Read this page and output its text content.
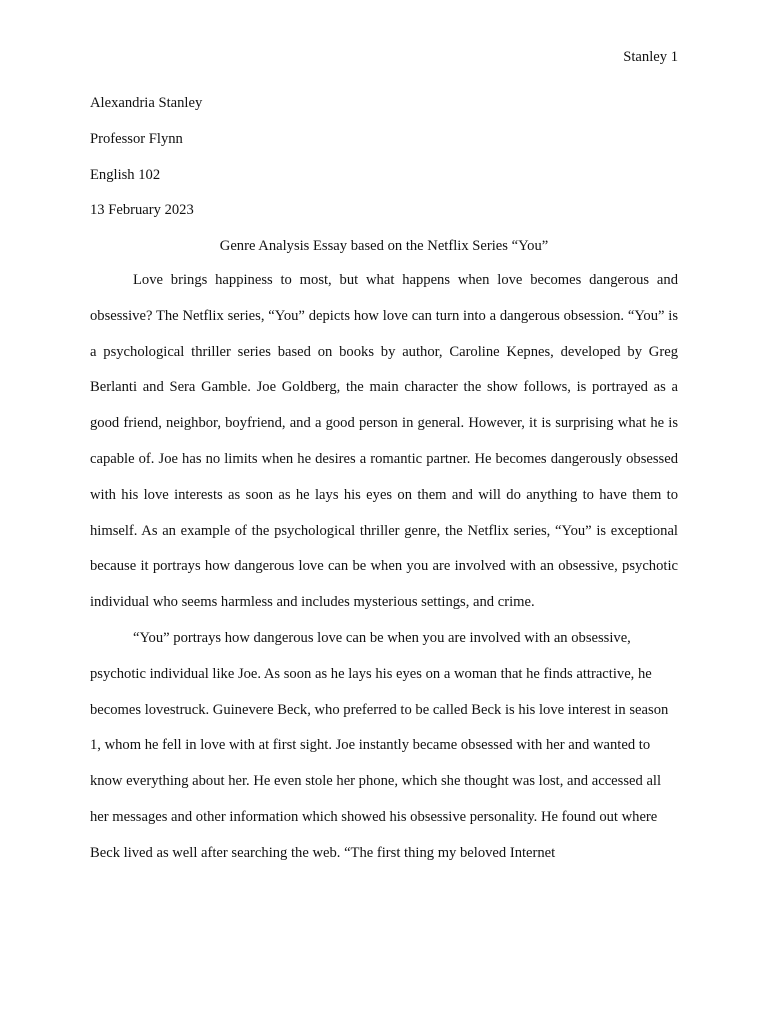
Stanley 1
Alexandria Stanley
Professor Flynn
English 102
13 February 2023
Genre Analysis Essay based on the Netflix Series “You”

Love brings happiness to most, but what happens when love becomes dangerous and obsessive? The Netflix series, “You” depicts how love can turn into a dangerous obsession. “You” is a psychological thriller series based on books by author, Caroline Kepnes, developed by Greg Berlanti and Sera Gamble. Joe Goldberg, the main character the show follows, is portrayed as a good friend, neighbor, boyfriend, and a good person in general. However, it is surprising what he is capable of. Joe has no limits when he desires a romantic partner. He becomes dangerously obsessed with his love interests as soon as he lays his eyes on them and will do anything to have them to himself. As an example of the psychological thriller genre, the Netflix series, “You” is exceptional because it portrays how dangerous love can be when you are involved with an obsessive, psychotic individual who seems harmless and includes mysterious settings, and crime.

“You” portrays how dangerous love can be when you are involved with an obsessive, psychotic individual like Joe. As soon as he lays his eyes on a woman that he finds attractive, he becomes lovestruck. Guinevere Beck, who preferred to be called Beck is his love interest in season 1, whom he fell in love with at first sight. Joe instantly became obsessed with her and wanted to know everything about her. He even stole her phone, which she thought was lost, and accessed all her messages and other information which showed his obsessive personality. He found out where Beck lived as well after searching the web. “The first thing my beloved Internet
